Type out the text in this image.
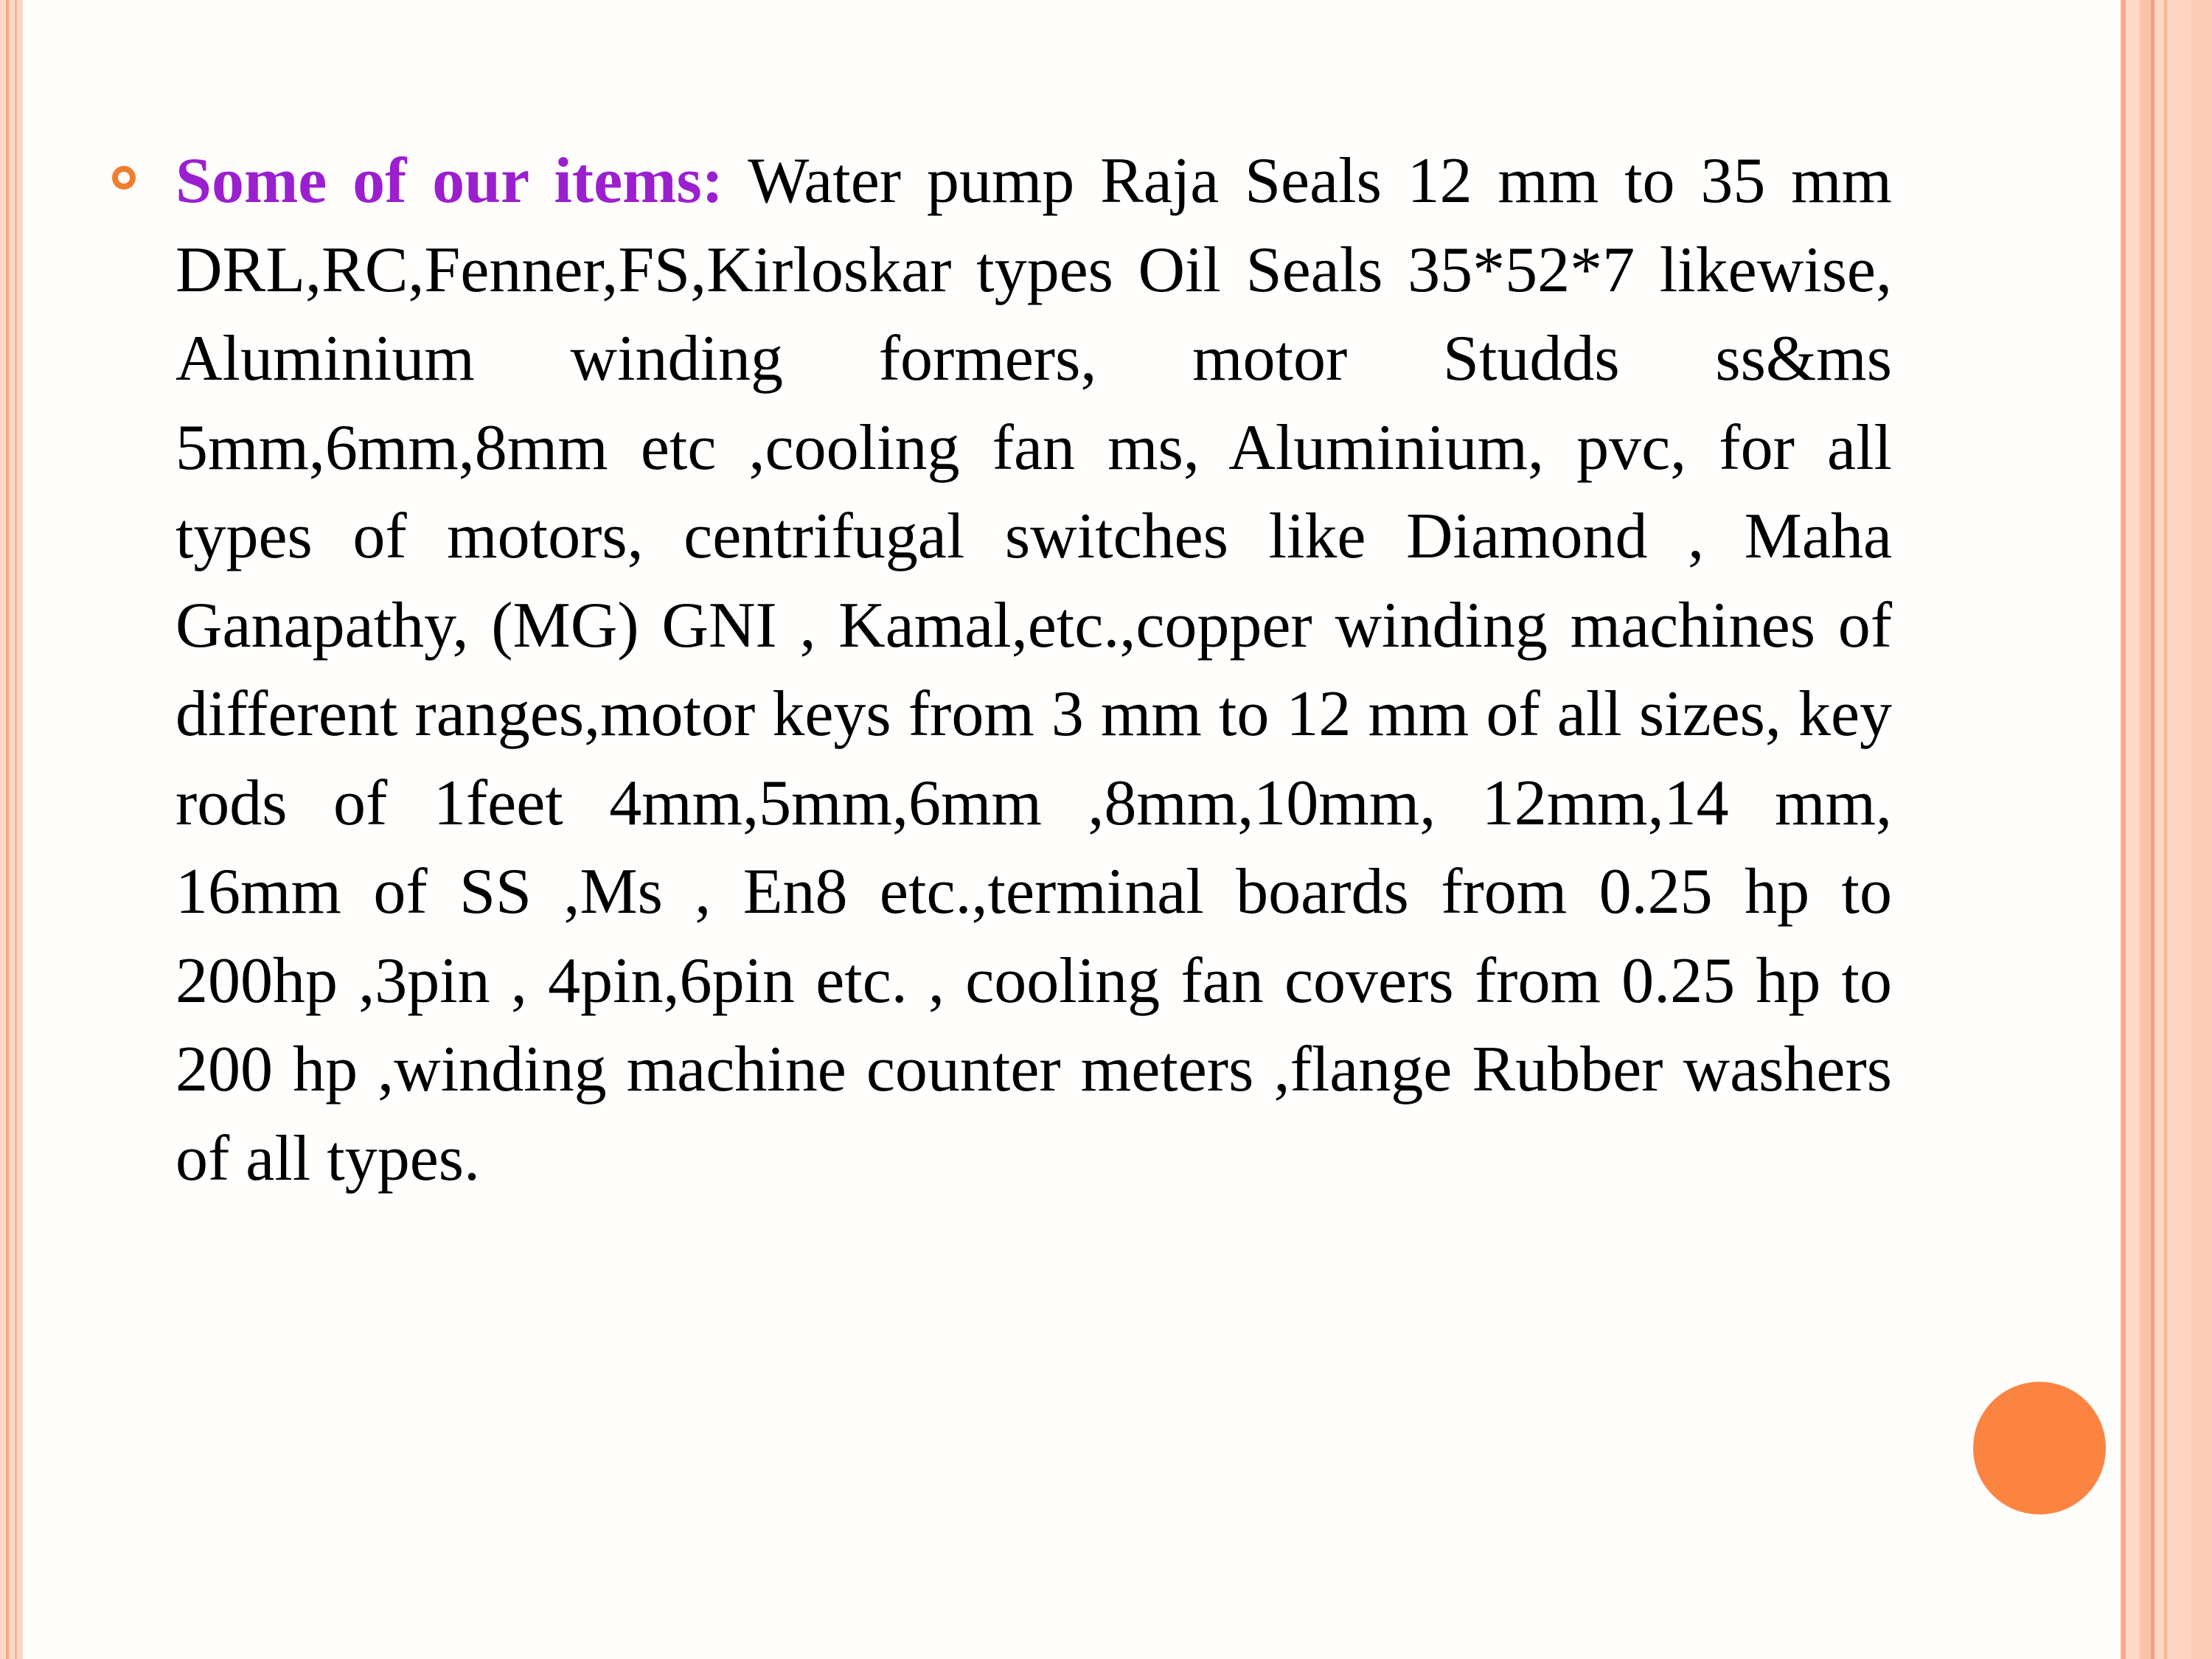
Some of our items: Water pump Raja Seals 12 mm to 35 mm DRL,RC,Fenner,FS,Kirloskar types Oil Seals 35*52*7 likewise, Aluminium winding formers, motor Studds ss&ms 5mm,6mm,8mm etc ,cooling fan ms, Aluminium, pvc, for all types of motors, centrifugal switches like Diamond , Maha Ganapathy, (MG) GNI , Kamal,etc.,copper winding machines of different ranges,motor keys from 3 mm to 12 mm of all sizes, key rods of 1feet 4mm,5mm,6mm ,8mm,10mm, 12mm,14 mm, 16mm of SS ,Ms , En8 etc.,terminal boards from 0.25 hp to 200hp ,3pin , 4pin,6pin etc. , cooling fan covers from 0.25 hp to 200 hp ,winding machine counter meters ,flange Rubber washers of all types.
